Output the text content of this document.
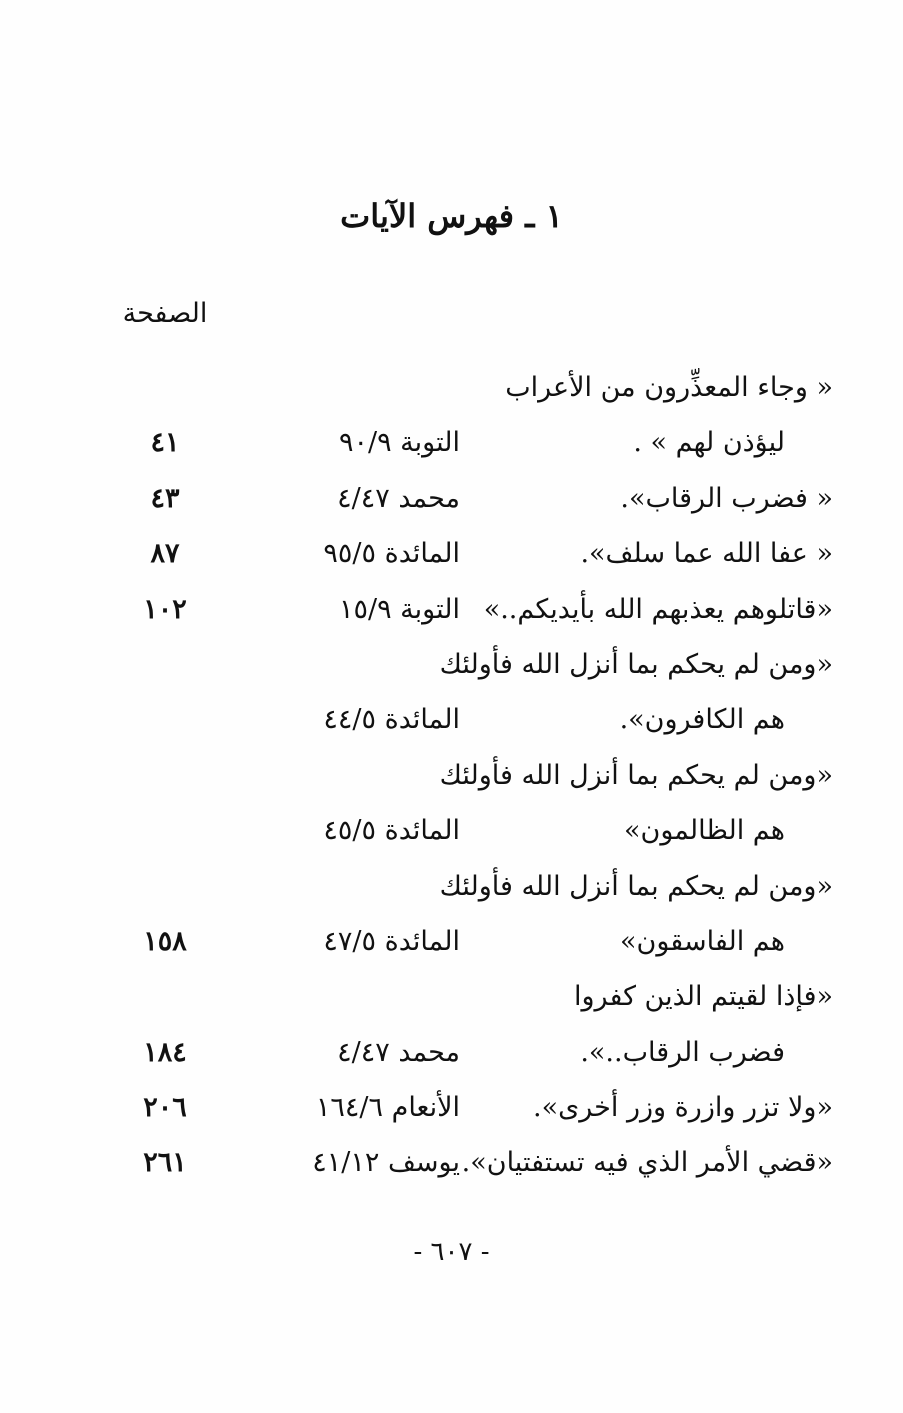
١ ـ فهرس الآيات
الصفحة
« وجاء المعذِّرون من الأعراب
ليؤذن لهم » .
التوبة ٩٠/٩
٤١
« فضرب الرقاب».
محمد ٤/٤٧
٤٣
« عفا الله عما سلف».
المائدة ٩٥/٥
٨٧
«قاتلوهم يعذبهم الله بأيديكم..»
التوبة ١٥/٩
١٠٢
«ومن لم يحكم بما أنزل الله فأولئك
هم الكافرون».
المائدة ٤٤/٥
«ومن لم يحكم بما أنزل الله فأولئك
هم الظالمون»
المائدة ٤٥/٥
«ومن لم يحكم بما أنزل الله فأولئك
هم الفاسقون»
المائدة ٤٧/٥
١٥٨
«فإذا لقيتم الذين كفروا
فضرب الرقاب..».
محمد ٤/٤٧
١٨٤
«ولا تزر وازرة وزر أخرى».
الأنعام ١٦٤/٦
٢٠٦
«قضي الأمر الذي فيه تستفتيان».
يوسف ٤١/١٢
٢٦١
- ٦٠٧ -
